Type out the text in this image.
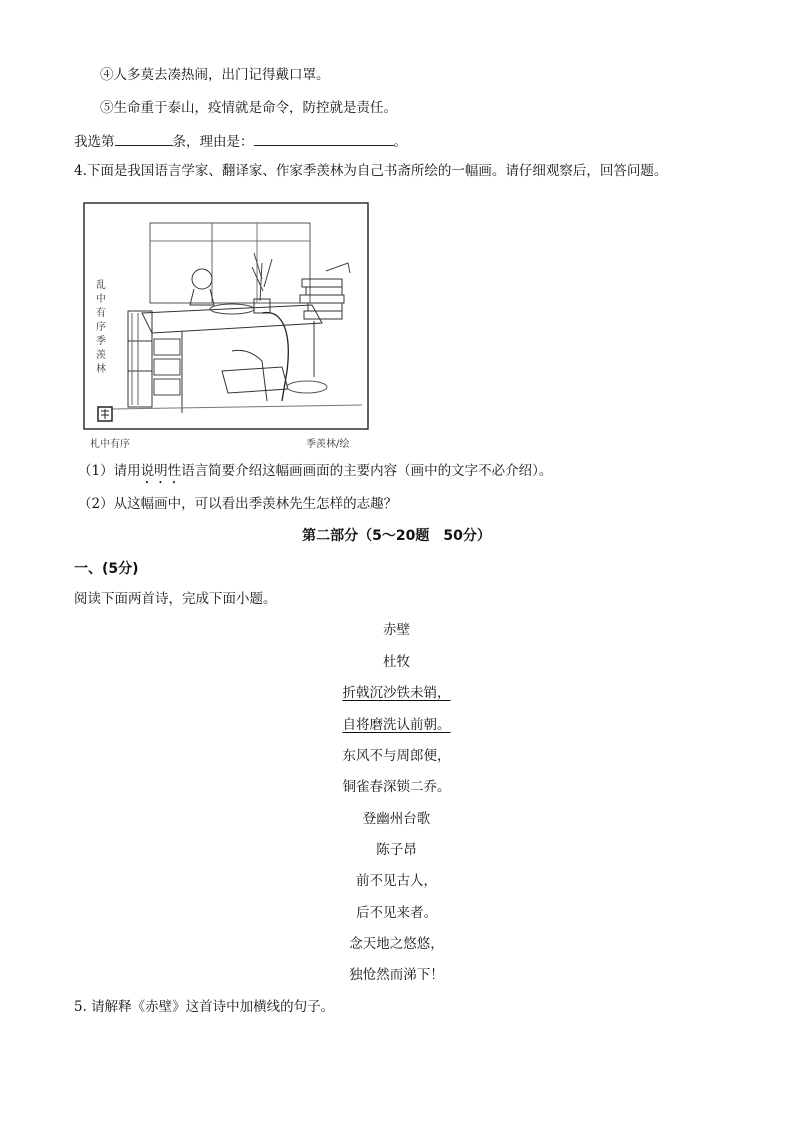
④人多莫去凑热闹，出门记得戴口罩。
⑤生命重于泰山，疫情就是命令，防控就是责任。
我选第	条，理由是：	。
4.下面是我国语言学家、翻译家、作家季羡林为自己书斋所绘的一幅画。请仔细观察后，回答问题。
乱中有序 季羡林
札中有序	季羡林/绘
（1）请用说明性语言简要介绍这幅画画面的主要内容（画中的文字不必介绍）。
（2）从这幅画中，可以看出季羡林先生怎样的志趣？
第二部分（5～20题　50分）
一、(5分)
阅读下面两首诗，完成下面小题。
赤壁
杜牧
折戟沉沙铁未销，
自将磨洗认前朝。
东风不与周郎便，
铜雀春深锁二乔。
登幽州台歌
陈子昂
前不见古人，
后不见来者。
念天地之悠悠，
独怆然而涕下！
5. 请解释《赤壁》这首诗中加横线的句子。
